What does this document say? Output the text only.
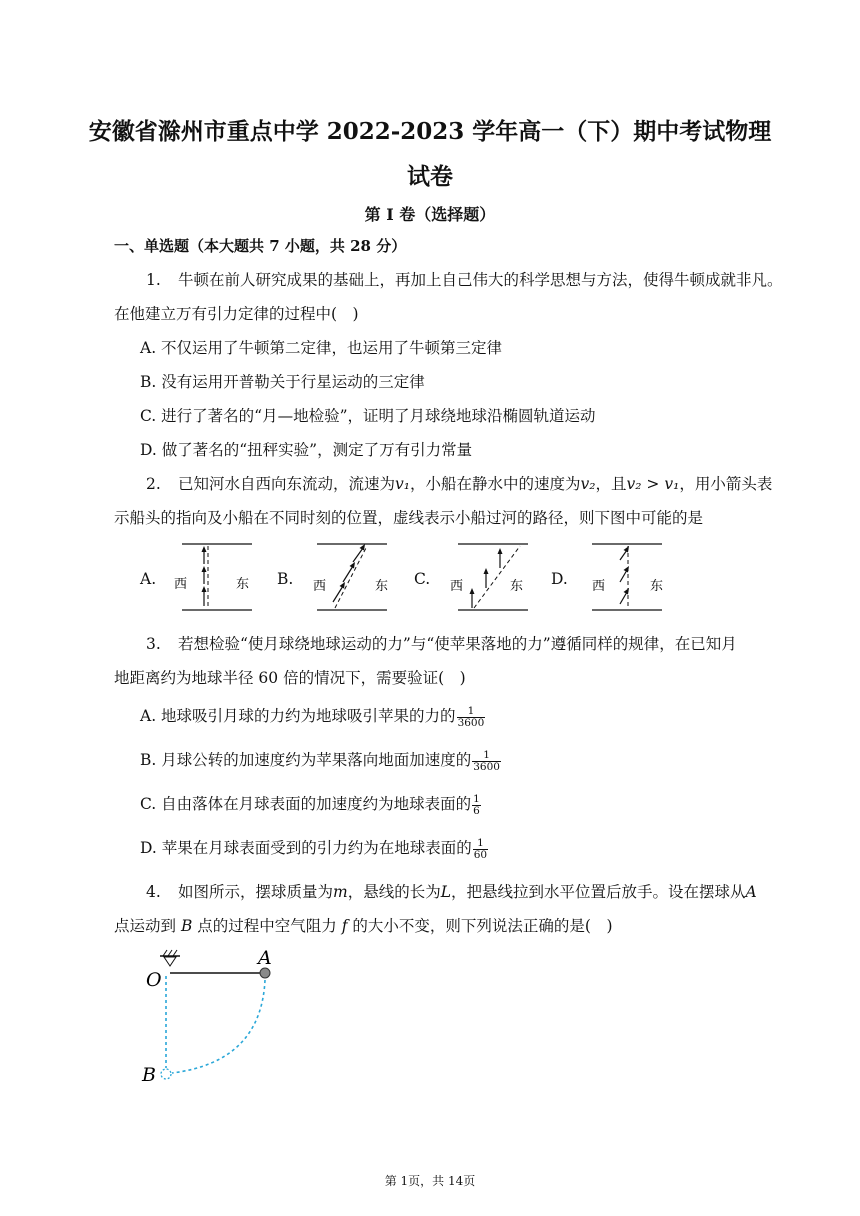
安徽省滁州市重点中学 2022-2023 学年高一（下）期中考试物理
试卷
第 I 卷（选择题）
一、单选题（本大题共 7 小题，共 28 分）
1. 牛顿在前人研究成果的基础上，再加上自己伟大的科学思想与方法，使得牛顿成就非凡。
在他建立万有引力定律的过程中(　)
A. 不仅运用了牛顿第二定律，也运用了牛顿第三定律
B. 没有运用开普勒关于行星运动的三定律
C. 进行了著名的“月—地检验”，证明了月球绕地球沿椭圆轨道运动
D. 做了著名的“扭秤实验”，测定了万有引力常量
2. 已知河水自西向东流动，流速为v₁，小船在静水中的速度为v₂，且v₂ > v₁，用小箭头表
示船头的指向及小船在不同时刻的位置，虚线表示小船过河的路径，则下图中可能的是
A. 西	东 B. 西	东 C. 西	东 D. 西	东
3. 若想检验“使月球绕地球运动的力”与“使苹果落地的力”遵循同样的规律，在已知月
地距离约为地球半径 60 倍的情况下，需要验证(　)
A. 地球吸引月球的力约为地球吸引苹果的力的 $\frac{1}{3600}$
B. 月球公转的加速度约为苹果落向地面加速度的 $\frac{1}{3600}$
C. 自由落体在月球表面的加速度约为地球表面的 $\frac{1}{6}$
D. 苹果在月球表面受到的引力约为在地球表面的 $\frac{1}{60}$
4. 如图所示，摆球质量为m，悬线的长为L，把悬线拉到水平位置后放手。设在摆球从A
点运动到 B 点的过程中空气阻力 f 的大小不变，则下列说法正确的是(　)
O
A
B
第 1页，共 14页
